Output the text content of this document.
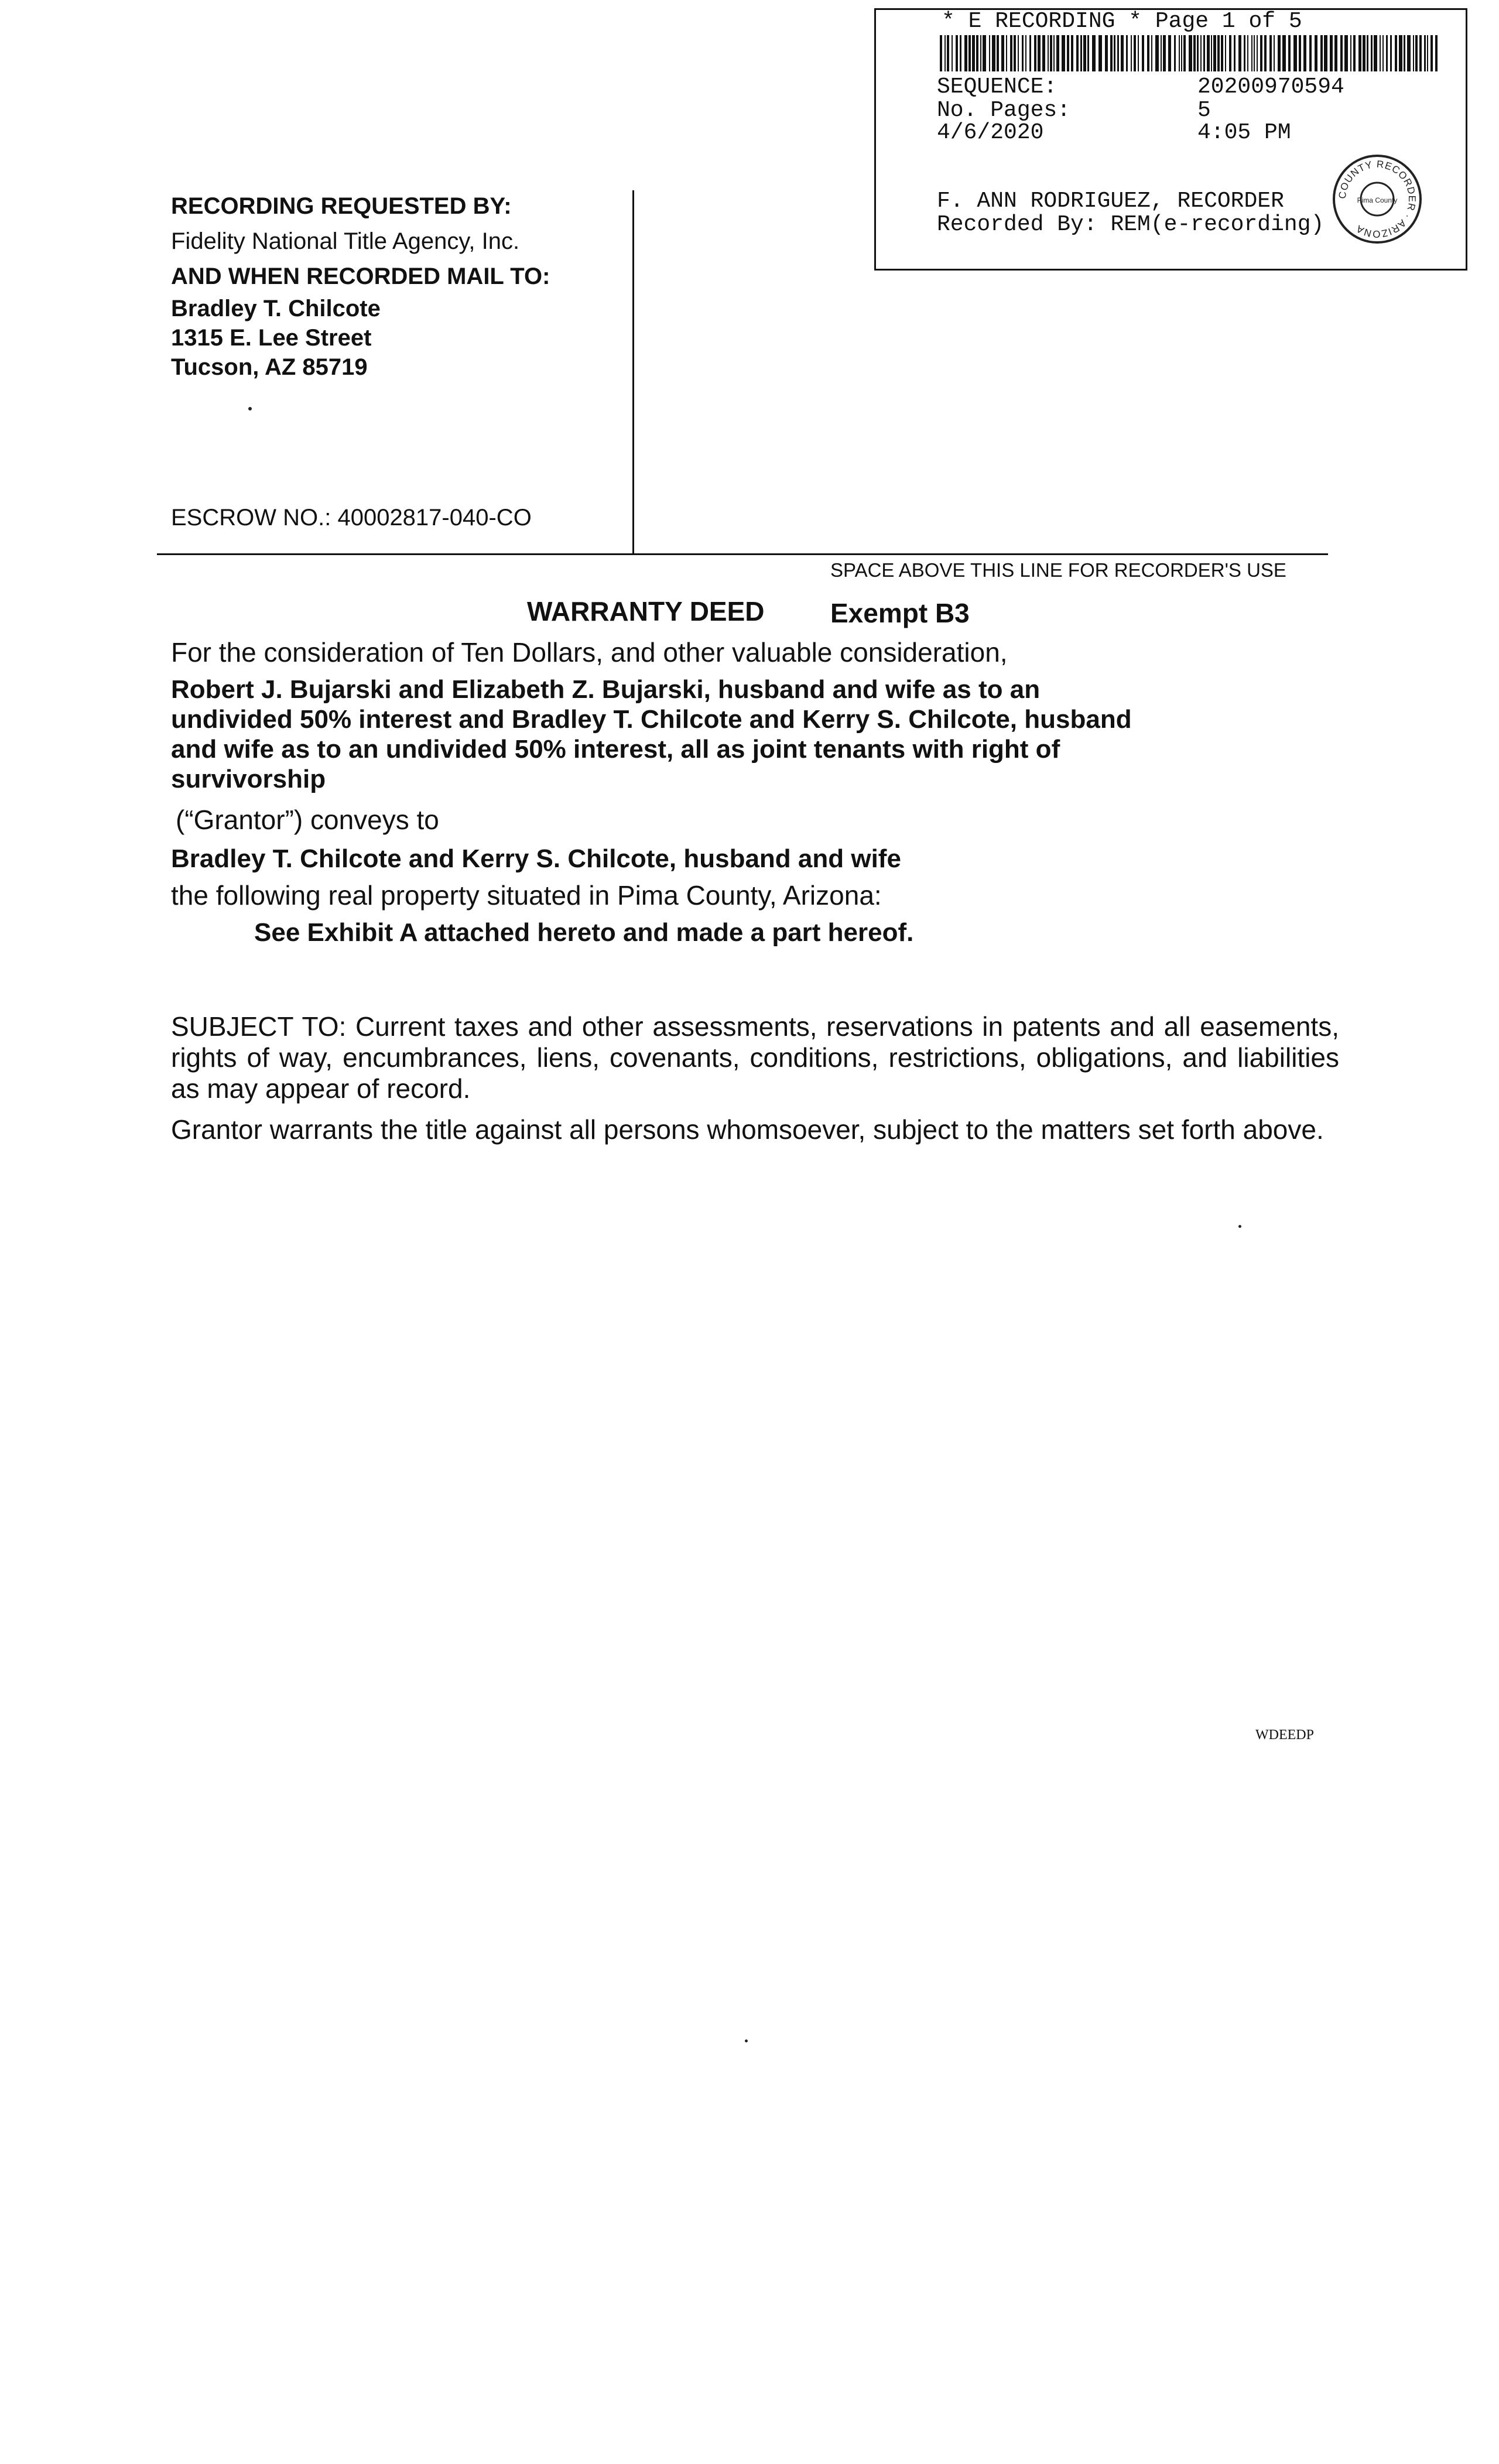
* E RECORDING * Page 1 of 5
SEQUENCE:	20200970594
No. Pages:	5
4/6/2020	4:05 PM
F. ANN RODRIGUEZ, RECORDER
Recorded By: REM(e-recording)
COUNTY RECORDER · ARIZONA
Pima County
RECORDING REQUESTED BY:
Fidelity National Title Agency, Inc.
AND WHEN RECORDED MAIL TO:
Bradley T. Chilcote
1315 E. Lee Street
Tucson, AZ 85719
ESCROW NO.: 40002817-040-CO
SPACE ABOVE THIS LINE FOR RECORDER'S USE
WARRANTY DEED Exempt B3
For the consideration of Ten Dollars, and other valuable consideration,
Robert J. Bujarski and Elizabeth Z. Bujarski, husband and wife as to an
undivided 50% interest and Bradley T. Chilcote and Kerry S. Chilcote, husband
and wife as to an undivided 50% interest, all as joint tenants with right of
survivorship
(“Grantor”) conveys to
Bradley T. Chilcote and Kerry S. Chilcote, husband and wife
the following real property situated in Pima County, Arizona:
See Exhibit A attached hereto and made a part hereof.
SUBJECT TO: Current taxes and other assessments, reservations in patents and all easements, rights of way, encumbrances, liens, covenants, conditions, restrictions, obligations, and liabilities as may appear of record.
Grantor warrants the title against all persons whomsoever, subject to the matters set forth above.
WDEEDP
